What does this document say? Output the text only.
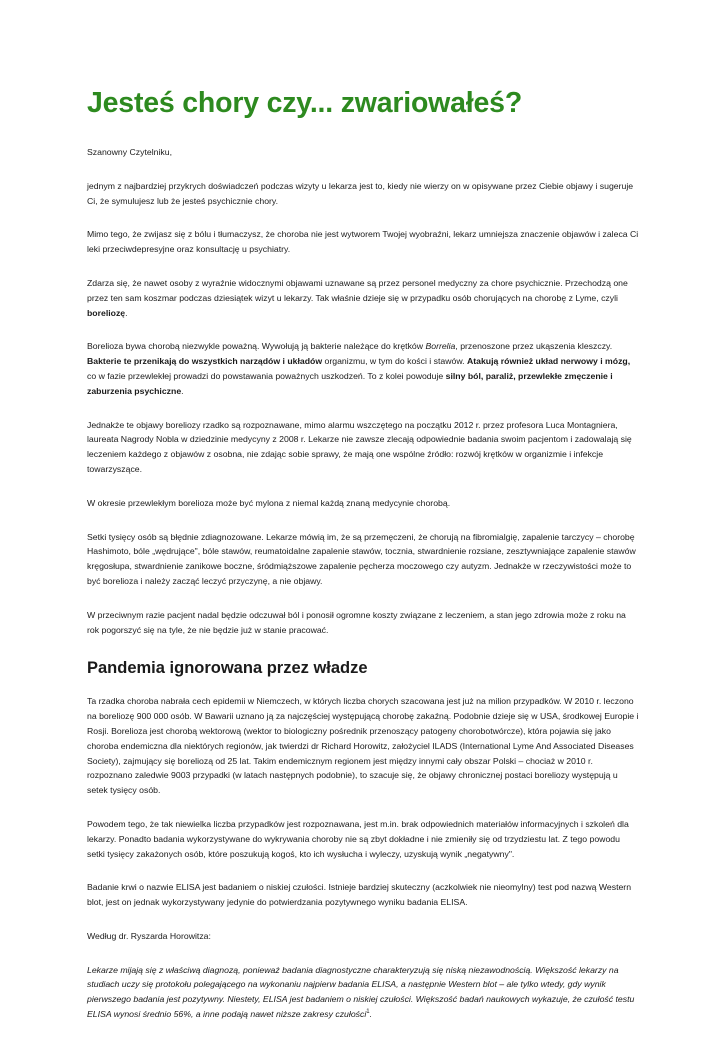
Jesteś chory czy... zwariowałeś?

Szanowny Czytelniku,

jednym z najbardziej przykrych doświadczeń podczas wizyty u lekarza jest to, kiedy nie wierzy on w opisywane przez Ciebie objawy i sugeruje Ci, że symulujesz lub że jesteś psychicznie chory.

Mimo tego, że zwijasz się z bólu i tłumaczysz, że choroba nie jest wytworem Twojej wyobraźni, lekarz umniejsza znaczenie objawów i zaleca Ci leki przeciwdepresyjne oraz konsultację u psychiatry.

Zdarza się, że nawet osoby z wyraźnie widocznymi objawami uznawane są przez personel medyczny za chore psychicznie. Przechodzą one przez ten sam koszmar podczas dziesiątek wizyt u lekarzy. Tak właśnie dzieje się w przypadku osób chorujących na chorobę z Lyme, czyli boreliozę.

Borelioza bywa chorobą niezwykle poważną. Wywołują ją bakterie należące do krętków Borrelia, przenoszone przez ukąszenia kleszczy. Bakterie te przenikają do wszystkich narządów i układów organizmu, w tym do kości i stawów. Atakują również układ nerwowy i mózg, co w fazie przewlekłej prowadzi do powstawania poważnych uszkodzeń. To z kolei powoduje silny ból, paraliż, przewlekłe zmęczenie i zaburzenia psychiczne.

Jednakże te objawy boreliozy rzadko są rozpoznawane, mimo alarmu wszczętego na początku 2012 r. przez profesora Luca Montagniera, laureata Nagrody Nobla w dziedzinie medycyny z 2008 r. Lekarze nie zawsze zlecają odpowiednie badania swoim pacjentom i zadowalają się leczeniem każdego z objawów z osobna, nie zdając sobie sprawy, że mają one wspólne źródło: rozwój krętków w organizmie i infekcje towarzyszące.

W okresie przewlekłym borelioza może być mylona z niemal każdą znaną medycynie chorobą.

Setki tysięcy osób są błędnie zdiagnozowane. Lekarze mówią im, że są przemęczeni, że chorują na fibromialgię, zapalenie tarczycy – chorobę Hashimoto, bóle „wędrujące", bóle stawów, reumatoidalne zapalenie stawów, tocznia, stwardnienie rozsiane, zesztywniające zapalenie stawów kręgosłupa, stwardnienie zanikowe boczne, śródmiąższowe zapalenie pęcherza moczowego czy autyzm. Jednakże w rzeczywistości może to być borelioza i należy zacząć leczyć przyczynę, a nie objawy.

W przeciwnym razie pacjent nadal będzie odczuwał ból i ponosił ogromne koszty związane z leczeniem, a stan jego zdrowia może z roku na rok pogorszyć się na tyle, że nie będzie już w stanie pracować.

Pandemia ignorowana przez władze

Ta rzadka choroba nabrała cech epidemii w Niemczech, w których liczba chorych szacowana jest już na milion przypadków. W 2010 r. leczono na boreliozę 900 000 osób. W Bawarii uznano ją za najczęściej występującą chorobę zakaźną. Podobnie dzieje się w USA, środkowej Europie i Rosji. Borelioza jest chorobą wektorową (wektor to biologiczny pośrednik przenoszący patogeny chorobotwórcze), która pojawia się jako choroba endemiczna dla niektórych regionów, jak twierdzi dr Richard Horowitz, założyciel ILADS (International Lyme And Associated Diseases Society), zajmujący się boreliozą od 25 lat. Takim endemicznym regionem jest między innymi cały obszar Polski – chociaż w 2010 r. rozpoznano zaledwie 9003 przypadki (w latach następnych podobnie), to szacuje się, że objawy chronicznej postaci boreliozy występują u setek tysięcy osób.

Powodem tego, że tak niewielka liczba przypadków jest rozpoznawana, jest m.in. brak odpowiednich materiałów informacyjnych i szkoleń dla lekarzy. Ponadto badania wykorzystywane do wykrywania choroby nie są zbyt dokładne i nie zmieniły się od trzydziestu lat. Z tego powodu setki tysięcy zakażonych osób, które poszukują kogoś, kto ich wysłucha i wyleczy, uzyskują wynik „negatywny".

Badanie krwi o nazwie ELISA jest badaniem o niskiej czułości. Istnieje bardziej skuteczny (aczkolwiek nie nieomylny) test pod nazwą Western blot, jest on jednak wykorzystywany jedynie do potwierdzania pozytywnego wyniku badania ELISA.

Według dr. Ryszarda Horowitza:

Lekarze mijają się z właściwą diagnozą, ponieważ badania diagnostyczne charakteryzują się niską niezawodnością. Większość lekarzy na studiach uczy się protokołu polegającego na wykonaniu najpierw badania ELISA, a następnie Western blot – ale tylko wtedy, gdy wynik pierwszego badania jest pozytywny. Niestety, ELISA jest badaniem o niskiej czułości. Większość badań naukowych wykazuje, że czułość testu ELISA wynosi średnio 56%, a inne podają nawet niższe zakresy czułości$^1$.
